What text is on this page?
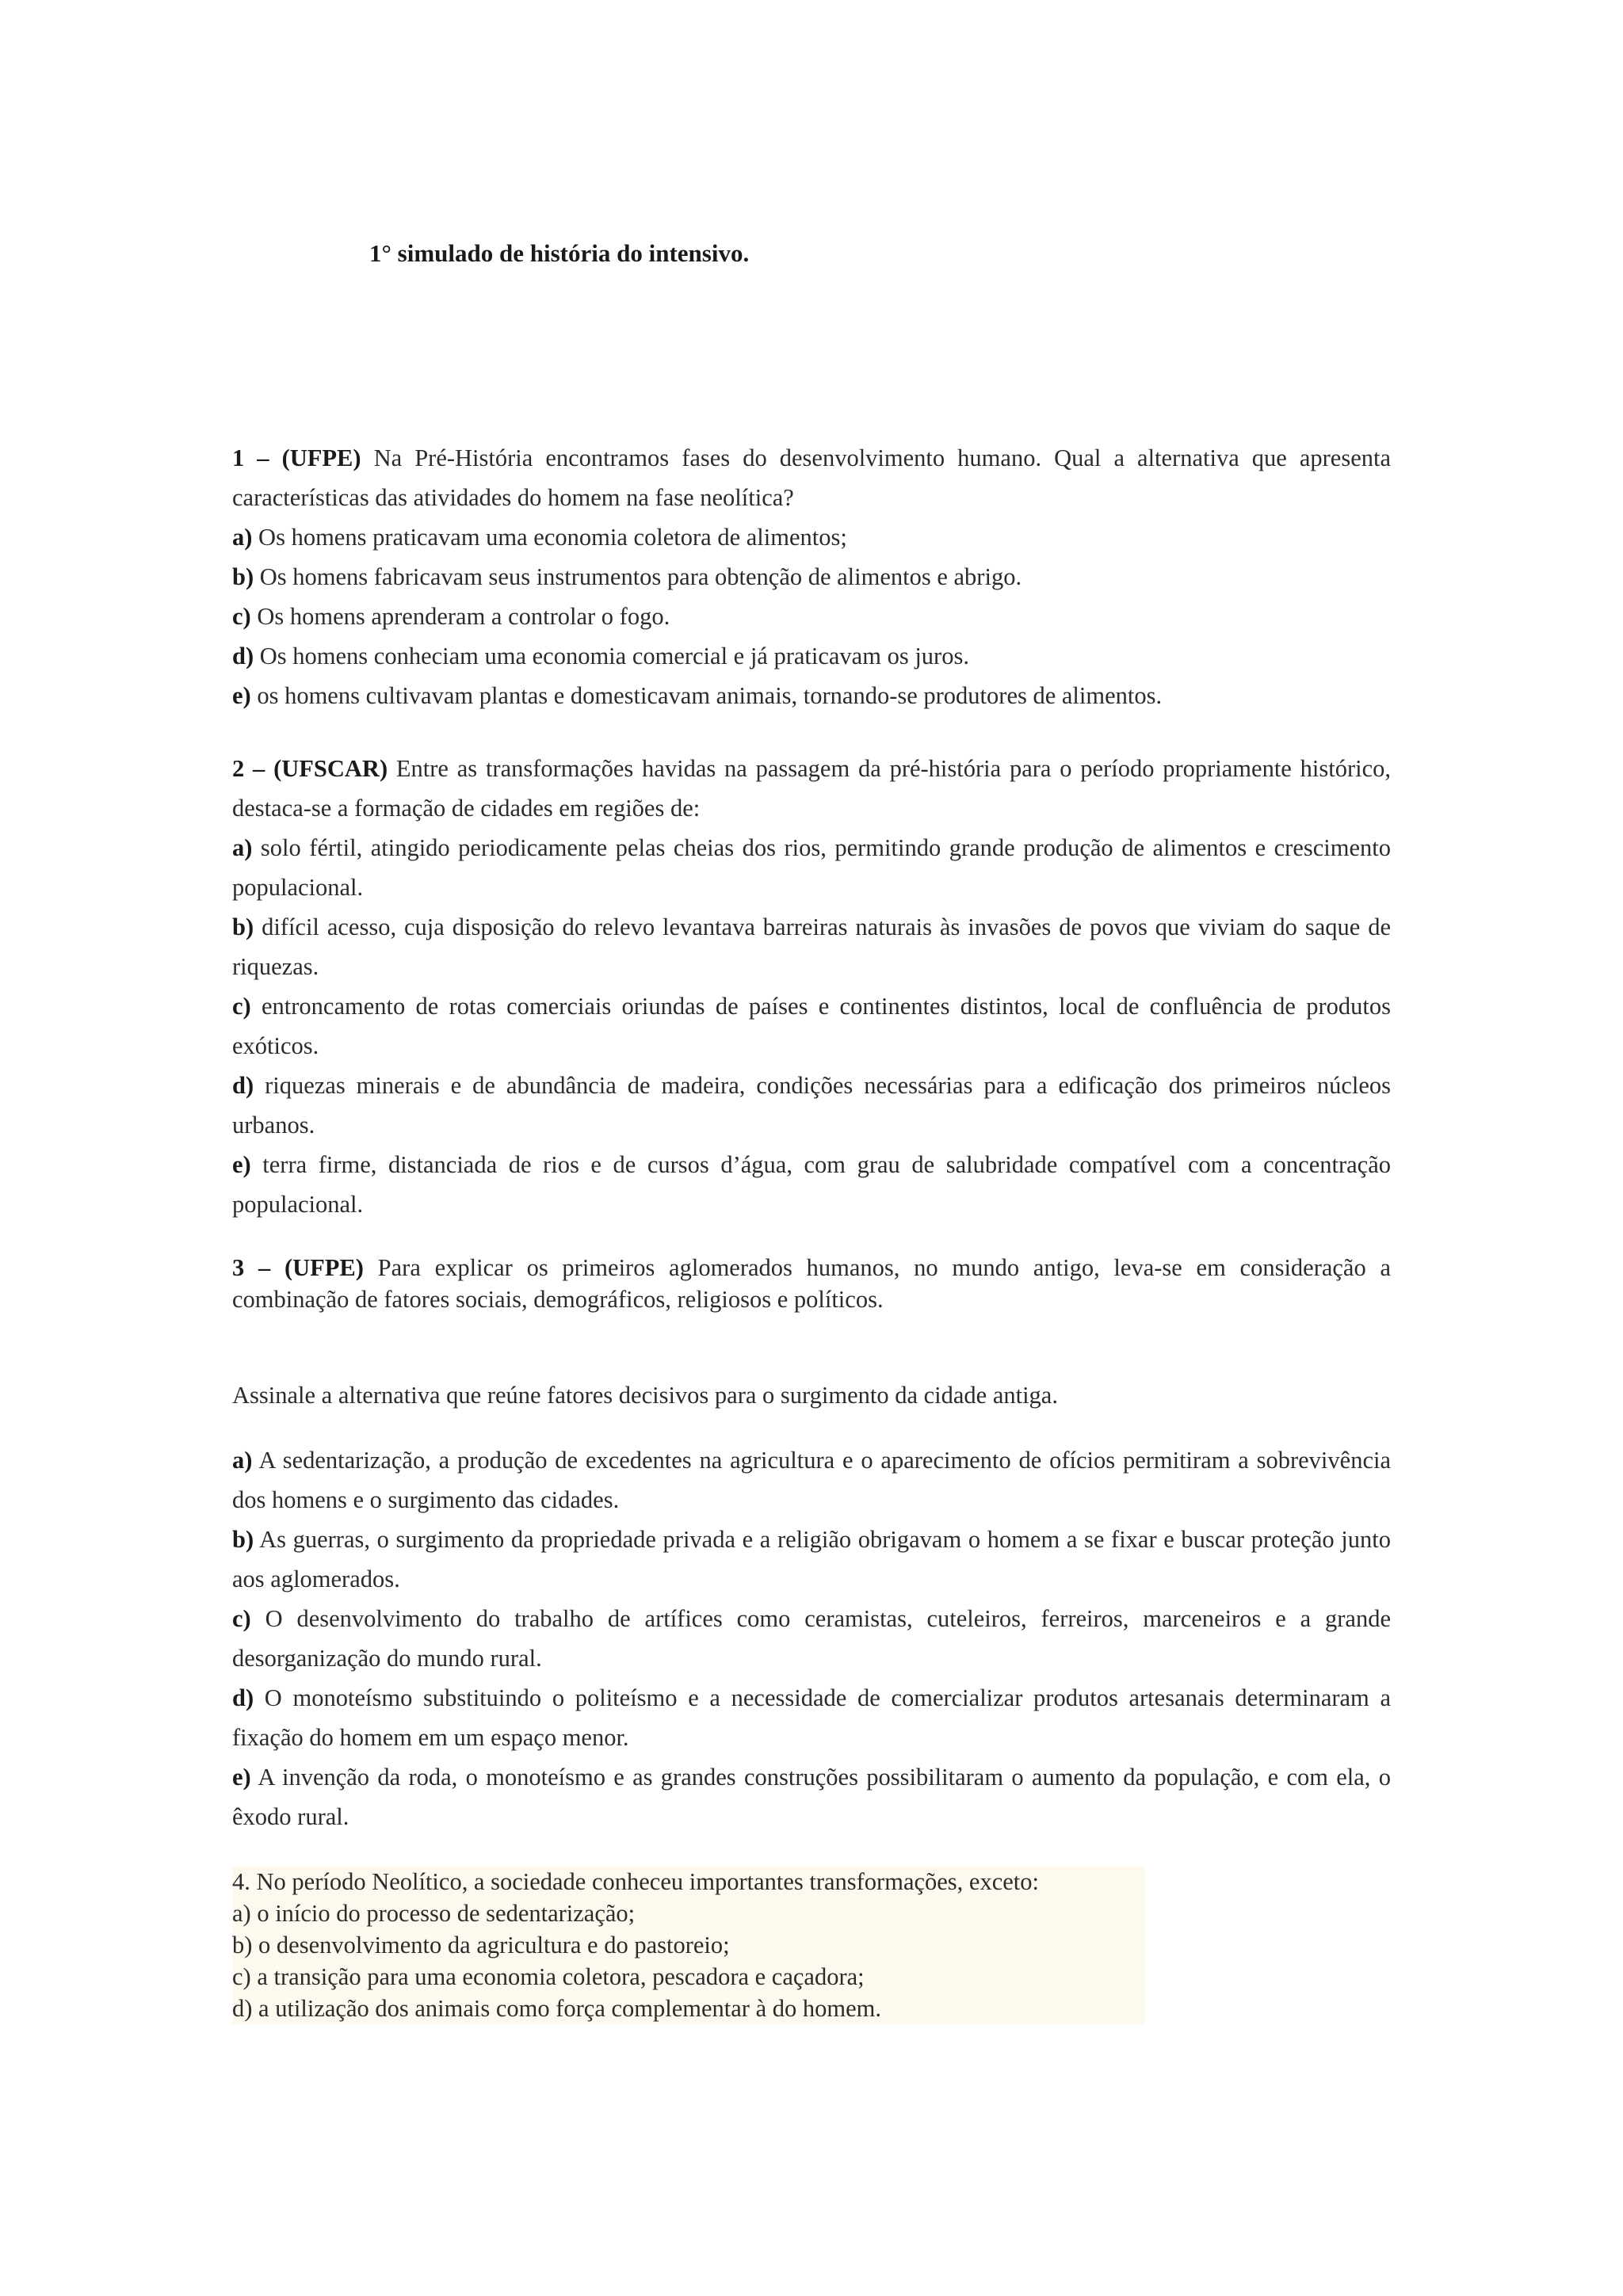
1° simulado de história do intensivo.

1 – (UFPE) Na Pré-História encontramos fases do desenvolvimento humano. Qual a alternativa que apresenta características das atividades do homem na fase neolítica?

a) Os homens praticavam uma economia coletora de alimentos;

b) Os homens fabricavam seus instrumentos para obtenção de alimentos e abrigo.

c) Os homens aprenderam a controlar o fogo.

d) Os homens conheciam uma economia comercial e já praticavam os juros.

e) os homens cultivavam plantas e domesticavam animais, tornando-se produtores de alimentos.

2 – (UFSCAR) Entre as transformações havidas na passagem da pré-história para o período propriamente histórico, destaca-se a formação de cidades em regiões de:

a) solo fértil, atingido periodicamente pelas cheias dos rios, permitindo grande produção de alimentos e crescimento populacional.

b) difícil acesso, cuja disposição do relevo levantava barreiras naturais às invasões de povos que viviam do saque de riquezas.

c) entroncamento de rotas comerciais oriundas de países e continentes distintos, local de confluência de produtos exóticos.

d) riquezas minerais e de abundância de madeira, condições necessárias para a edificação dos primeiros núcleos urbanos.

e) terra firme, distanciada de rios e de cursos d’água, com grau de salubridade compatível com a concentração populacional.

3 – (UFPE) Para explicar os primeiros aglomerados humanos, no mundo antigo, leva-se em consideração a combinação de fatores sociais, demográficos, religiosos e políticos.

Assinale a alternativa que reúne fatores decisivos para o surgimento da cidade antiga.

a) A sedentarização, a produção de excedentes na agricultura e o aparecimento de ofícios permitiram a sobrevivência dos homens e o surgimento das cidades.

b) As guerras, o surgimento da propriedade privada e a religião obrigavam o homem a se fixar e buscar proteção junto aos aglomerados.

c) O desenvolvimento do trabalho de artífices como ceramistas, cuteleiros, ferreiros, marceneiros e a grande desorganização do mundo rural.

d) O monoteísmo substituindo o politeísmo e a necessidade de comercializar produtos artesanais determinaram a fixação do homem em um espaço menor.

e) A invenção da roda, o monoteísmo e as grandes construções possibilitaram o aumento da população, e com ela, o êxodo rural.

4. No período Neolítico, a sociedade conheceu importantes transformações, exceto:

a) o início do processo de sedentarização;

b) o desenvolvimento da agricultura e do pastoreio;

c) a transição para uma economia coletora, pescadora e caçadora;

d) a utilização dos animais como força complementar à do homem.
